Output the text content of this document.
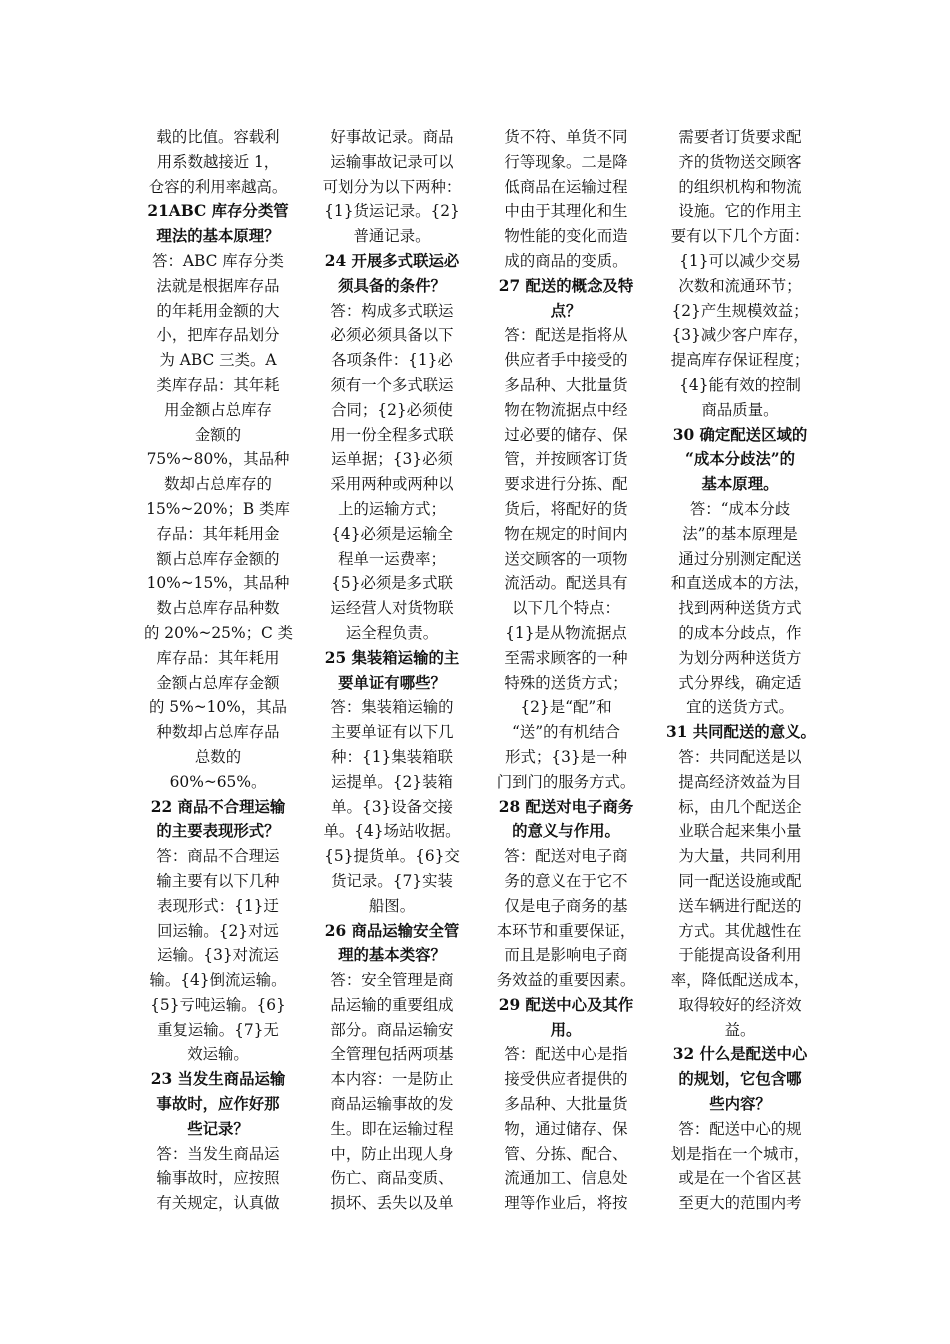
载的比值。容载利
用系数越接近 1，
仓容的利用率越高。
21ABC 库存分类管
理法的基本原理？
答：ABC 库存分类
法就是根据库存品
的年耗用金额的大
小，把库存品划分
为 ABC 三类。A
类库存品：其年耗
用金额占总库存
金额的
75%~80%，其品种
数却占总库存的
15%~20%；B 类库
存品：其年耗用金
额占总库存金额的
10%~15%，其品种
数占总库存品种数
的 20%~25%；C 类
库存品：其年耗用
金额占总库存金额
的 5%~10%，其品
种数却占总库存品
总数的
60%~65%。
22 商品不合理运输
的主要表现形式？
答：商品不合理运
输主要有以下几种
表现形式：{1}迂
回运输。{2}对远
运输。{3}对流运
输。{4}倒流运输。
{5}亏吨运输。{6}
重复运输。{7}无
效运输。
23 当发生商品运输
事故时，应作好那
些记录？
答：当发生商品运
输事故时，应按照
有关规定，认真做
好事故记录。商品
运输事故记录可以
可划分为以下两种：
{1}货运记录。{2}
普通记录。
24 开展多式联运必
须具备的条件？
答：构成多式联运
必须必须具备以下
各项条件：{1}必
须有一个多式联运
合同；{2}必须使
用一份全程多式联
运单据；{3}必须
采用两种或两种以
上的运输方式；
{4}必须是运输全
程单一运费率；
{5}必须是多式联
运经营人对货物联
运全程负责。
25 集装箱运输的主
要单证有哪些？
答：集装箱运输的
主要单证有以下几
种：{1}集装箱联
运提单。{2}装箱
单。{3}设备交接
单。{4}场站收据。
{5}提货单。{6}交
货记录。{7}实装
船图。
26 商品运输安全管
理的基本类容？
答：安全管理是商
品运输的重要组成
部分。商品运输安
全管理包括两项基
本内容：一是防止
商品运输事故的发
生。即在运输过程
中，防止出现人身
伤亡、商品变质、
损坏、丢失以及单
货不符、单货不同
行等现象。二是降
低商品在运输过程
中由于其理化和生
物性能的变化而造
成的商品的变质。
27 配送的概念及特
点？
答：配送是指将从
供应者手中接受的
多品种、大批量货
物在物流据点中经
过必要的储存、保
管，并按顾客订货
要求进行分拣、配
货后，将配好的货
物在规定的时间内
送交顾客的一项物
流活动。配送具有
以下几个特点：
{1}是从物流据点
至需求顾客的一种
特殊的送货方式；
{2}是“配”和
“送”的有机结合
形式；{3}是一种
门到门的服务方式。
28 配送对电子商务
的意义与作用。
答：配送对电子商
务的意义在于它不
仅是电子商务的基
本环节和重要保证，
而且是影响电子商
务效益的重要因素。
29 配送中心及其作
用。
答：配送中心是指
接受供应者提供的
多品种、大批量货
物，通过储存、保
管、分拣、配合、
流通加工、信息处
理等作业后，将按
需要者订货要求配
齐的货物送交顾客
的组织机构和物流
设施。它的作用主
要有以下几个方面：
{1}可以减少交易
次数和流通环节；
{2}产生规模效益；
{3}减少客户库存，
提高库存保证程度；
{4}能有效的控制
商品质量。
30 确定配送区域的
“成本分歧法”的
基本原理。
答：“成本分歧
法”的基本原理是
通过分别测定配送
和直送成本的方法，
找到两种送货方式
的成本分歧点，作
为划分两种送货方
式分界线，确定适
宜的送货方式。
31 共同配送的意义。
答：共同配送是以
提高经济效益为目
标，由几个配送企
业联合起来集小量
为大量，共同利用
同一配送设施或配
送车辆进行配送的
方式。其优越性在
于能提高设备利用
率，降低配送成本，
取得较好的经济效
益。
32 什么是配送中心
的规划，它包含哪
些内容？
答：配送中心的规
划是指在一个城市，
或是在一个省区甚
至更大的范围内考
